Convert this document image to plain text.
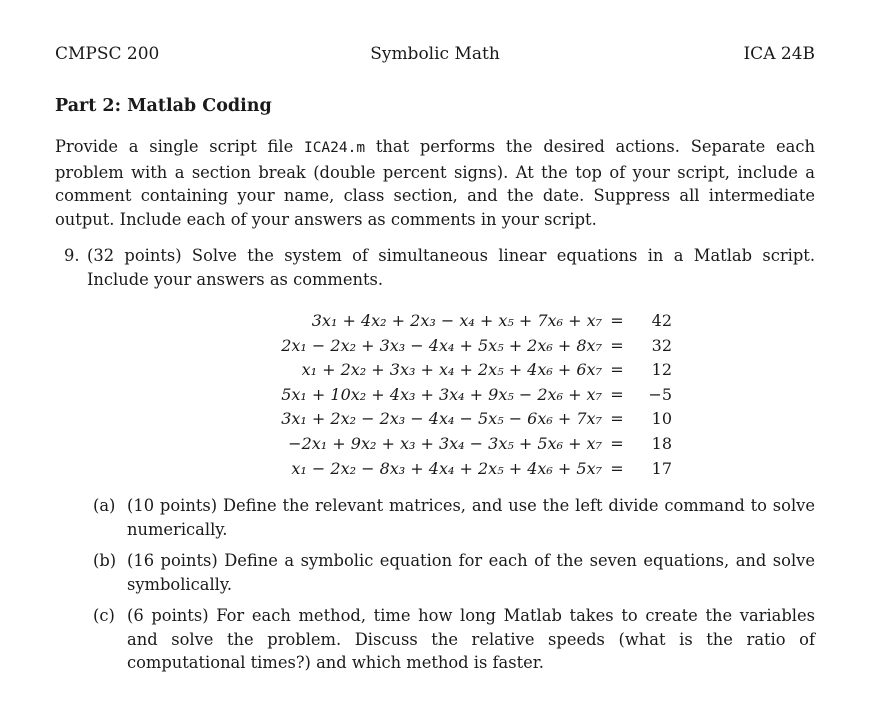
CMPSC 200	Symbolic Math	ICA 24B
Part 2: Matlab Coding
Provide a single script file ICA24.m that performs the desired actions. Separate each problem with a section break (double percent signs). At the top of your script, include a comment containing your name, class section, and the date. Suppress all intermediate output. Include each of your answers as comments in your script.
9. (32 points) Solve the system of simultaneous linear equations in a Matlab script. Include your answers as comments.
3x₁ + 4x₂ + 2x₃ − x₄ + x₅ + 7x₆ + x₇ =	42
2x₁ − 2x₂ + 3x₃ − 4x₄ + 5x₅ + 2x₆ + 8x₇ =	32
x₁ + 2x₂ + 3x₃ + x₄ + 2x₅ + 4x₆ + 6x₇ =	12
5x₁ + 10x₂ + 4x₃ + 3x₄ + 9x₅ − 2x₆ + x₇ =	−5
3x₁ + 2x₂ − 2x₃ − 4x₄ − 5x₅ − 6x₆ + 7x₇ =	10
−2x₁ + 9x₂ + x₃ + 3x₄ − 3x₅ + 5x₆ + x₇ =	18
x₁ − 2x₂ − 8x₃ + 4x₄ + 2x₅ + 4x₆ + 5x₇ =	17
(a) (10 points) Define the relevant matrices, and use the left divide command to solve numerically.
(b) (16 points) Define a symbolic equation for each of the seven equations, and solve symbolically.
(c) (6 points) For each method, time how long Matlab takes to create the variables and solve the problem. Discuss the relative speeds (what is the ratio of computational times?) and which method is faster.
